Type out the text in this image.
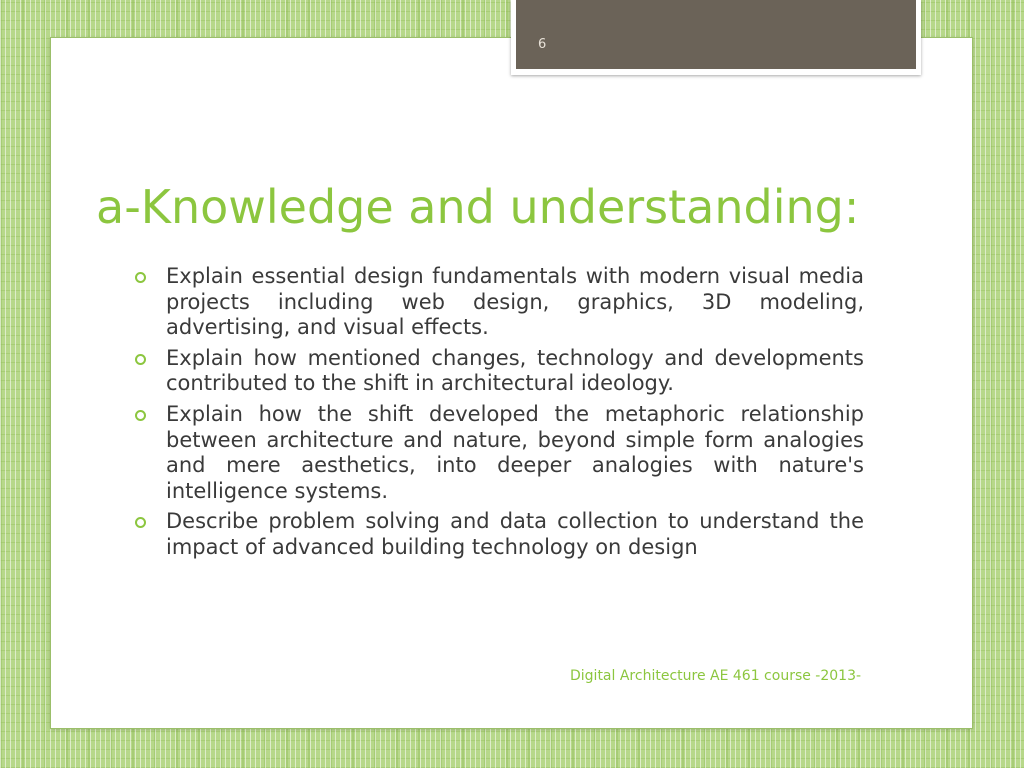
6
a-Knowledge and understanding:
Explain essential design fundamentals with modern visual media projects including web design, graphics, 3D modeling, advertising, and visual effects.
Explain how mentioned changes, technology and developments contributed to the shift in architectural ideology.
Explain how the shift developed the metaphoric relationship between architecture and nature, beyond simple form analogies and mere aesthetics, into deeper analogies with nature's intelligence systems.
Describe problem solving and data collection to understand the impact of advanced building technology on design
Digital Architecture AE 461 course -2013-
